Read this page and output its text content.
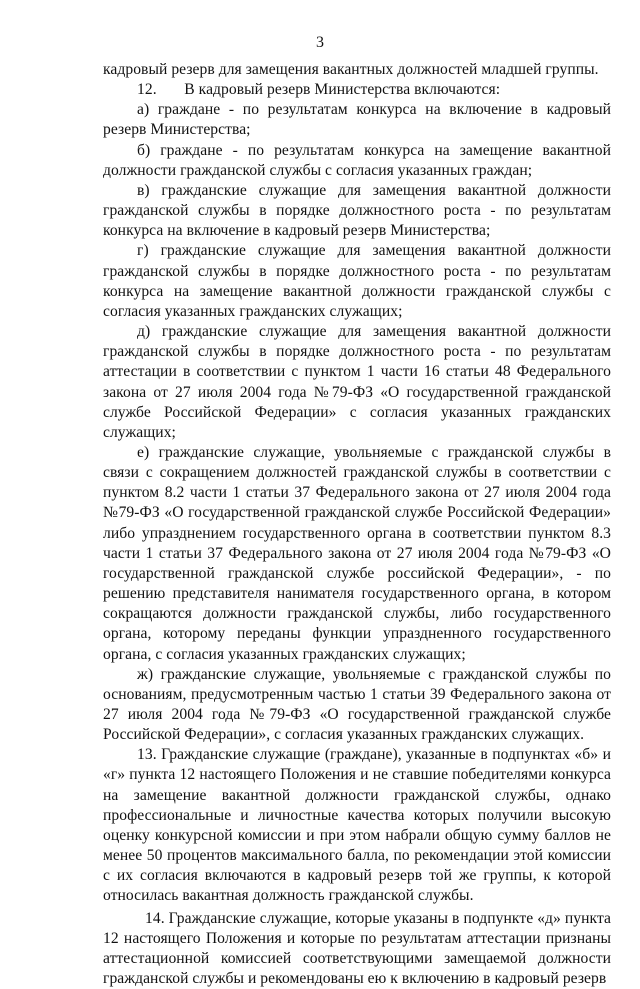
3

кадровый резерв для замещения вакантных должностей младшей группы.

12.       В кадровый резерв Министерства включаются:

а) граждане - по результатам конкурса на включение в кадровый резерв Министерства;

б) граждане - по результатам конкурса на замещение вакантной должности гражданской службы с согласия указанных граждан;

в) гражданские служащие для замещения вакантной должности гражданской службы в порядке должностного роста - по результатам конкурса на включение в кадровый резерв Министерства;

г) гражданские служащие для замещения вакантной должности гражданской службы в порядке должностного роста - по результатам конкурса на замещение вакантной должности гражданской службы с согласия указанных гражданских служащих;

д) гражданские служащие для замещения вакантной должности гражданской службы в порядке должностного роста - по результатам аттестации в соответствии с пунктом 1 части 16 статьи 48 Федерального закона от 27 июля 2004 года №79-ФЗ «О государственной гражданской службе Российской Федерации» с согласия указанных гражданских служащих;

е) гражданские служащие, увольняемые с гражданской службы в связи с сокращением должностей гражданской службы в соответствии с пунктом 8.2 части 1 статьи 37 Федерального закона от 27 июля 2004 года №79-ФЗ «О государственной гражданской службе Российской Федерации» либо упразднением государственного органа в соответствии пунктом 8.3 части 1 статьи 37 Федерального закона от 27 июля 2004 года №79-ФЗ «О государственной гражданской службе российской Федерации», - по решению представителя нанимателя государственного органа, в котором сокращаются должности гражданской службы, либо государственного органа, которому переданы функции упраздненного государственного органа, с согласия указанных гражданских служащих;

ж) гражданские служащие, увольняемые с гражданской службы по основаниям, предусмотренным частью 1 статьи 39 Федерального закона от 27 июля 2004 года №79-ФЗ «О государственной гражданской службе Российской Федерации», с согласия указанных гражданских служащих.

13. Гражданские служащие (граждане), указанные в подпунктах «б» и «г» пункта 12 настоящего Положения и не ставшие победителями конкурса на замещение вакантной должности гражданской службы, однако профессиональные и личностные качества которых получили высокую оценку конкурсной комиссии и при этом набрали общую сумму баллов не менее 50 процентов максимального балла, по рекомендации этой комиссии с их согласия включаются в кадровый резерв той же группы, к которой относилась вакантная должность гражданской службы.

14. Гражданские служащие, которые указаны в подпункте «д» пункта 12 настоящего Положения и которые по результатам аттестации признаны аттестационной комиссией соответствующими замещаемой должности гражданской службы и рекомендованы ею к включению в кадровый резерв
